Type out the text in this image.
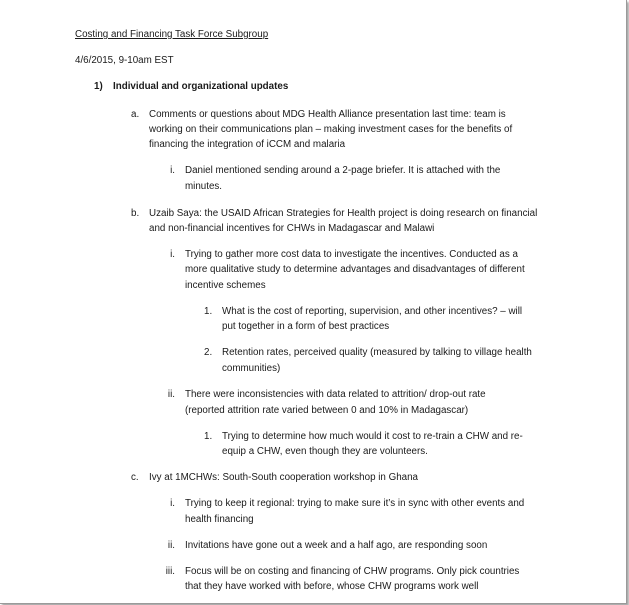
Costing and Financing Task Force Subgroup
4/6/2015, 9-10am EST
1) Individual and organizational updates
a. Comments or questions about MDG Health Alliance presentation last time: team is
working on their communications plan – making investment cases for the benefits of
financing the integration of iCCM and malaria
i. Daniel mentioned sending around a 2-page briefer. It is attached with the
minutes.
b. Uzaib Saya: the USAID African Strategies for Health project is doing research on financial
and non-financial incentives for CHWs in Madagascar and Malawi
i. Trying to gather more cost data to investigate the incentives. Conducted as a
more qualitative study to determine advantages and disadvantages of different
incentive schemes
1. What is the cost of reporting, supervision, and other incentives? – will
put together in a form of best practices
2. Retention rates, perceived quality (measured by talking to village health
communities)
ii. There were inconsistencies with data related to attrition/ drop-out rate
(reported attrition rate varied between 0 and 10% in Madagascar)
1. Trying to determine how much would it cost to re-train a CHW and re-
equip a CHW, even though they are volunteers.
c. Ivy at 1MCHWs: South-South cooperation workshop in Ghana
i. Trying to keep it regional: trying to make sure it’s in sync with other events and
health financing
ii. Invitations have gone out a week and a half ago, are responding soon
iii. Focus will be on costing and financing of CHW programs. Only pick countries
that they have worked with before, whose CHW programs work well
